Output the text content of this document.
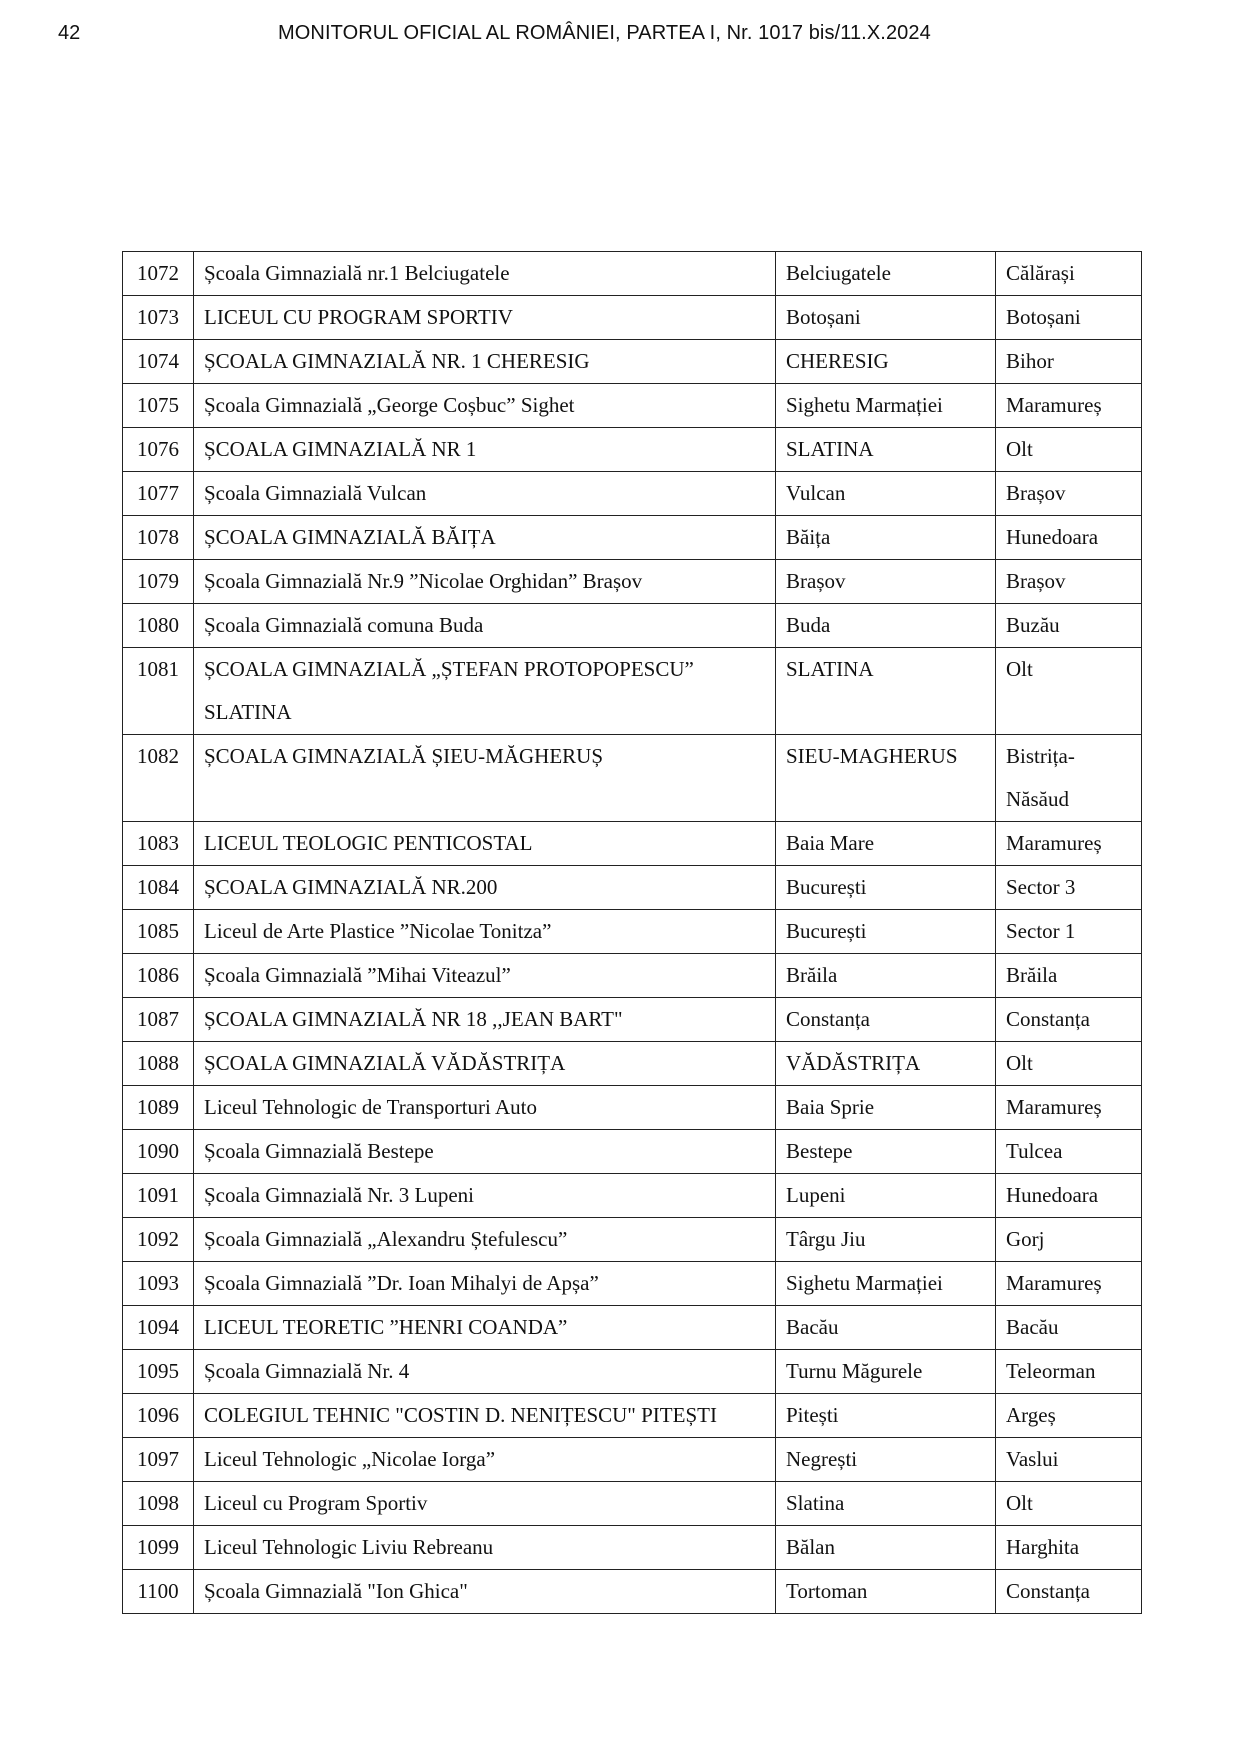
42	MONITORUL OFICIAL AL ROMÂNIEI, PARTEA I, Nr. 1017 bis/11.X.2024
1072	Școala Gimnazială nr.1 Belciugatele	Belciugatele	Călărași
1073	LICEUL CU PROGRAM SPORTIV	Botoșani	Botoșani
1074	ȘCOALA GIMNAZIALĂ NR. 1 CHERESIG	CHERESIG	Bihor
1075	Școala Gimnazială „George Coșbuc” Sighet	Sighetu Marmației	Maramureș
1076	ȘCOALA GIMNAZIALĂ NR 1	SLATINA	Olt
1077	Școala Gimnazială Vulcan	Vulcan	Brașov
1078	ȘCOALA GIMNAZIALĂ BĂIȚA	Băița	Hunedoara
1079	Școala Gimnazială Nr.9 ”Nicolae Orghidan” Brașov	Brașov	Brașov
1080	Școala Gimnazială comuna Buda	Buda	Buzău
1081	ȘCOALA GIMNAZIALĂ „ȘTEFAN PROTOPOPESCU” SLATINA	SLATINA	Olt
1082	ȘCOALA GIMNAZIALĂ ȘIEU-MĂGHERUȘ	SIEU-MAGHERUS	Bistrița-Năsăud
1083	LICEUL TEOLOGIC PENTICOSTAL	Baia Mare	Maramureș
1084	ȘCOALA GIMNAZIALĂ NR.200	București	Sector 3
1085	Liceul de Arte Plastice ”Nicolae Tonitza”	București	Sector 1
1086	Școala Gimnazială ”Mihai Viteazul”	Brăila	Brăila
1087	ȘCOALA GIMNAZIALĂ NR 18 ,,JEAN BART"	Constanța	Constanța
1088	ȘCOALA GIMNAZIALĂ VĂDĂSTRIȚA	VĂDĂSTRIȚA	Olt
1089	Liceul Tehnologic de Transporturi Auto	Baia Sprie	Maramureș
1090	Școala Gimnazială Bestepe	Bestepe	Tulcea
1091	Școala Gimnazială Nr. 3 Lupeni	Lupeni	Hunedoara
1092	Școala Gimnazială „Alexandru Ștefulescu”	Târgu Jiu	Gorj
1093	Școala Gimnazială ”Dr. Ioan Mihalyi de Apșa”	Sighetu Marmației	Maramureș
1094	LICEUL TEORETIC ”HENRI COANDA”	Bacău	Bacău
1095	Școala Gimnazială Nr. 4	Turnu Măgurele	Teleorman
1096	COLEGIUL TEHNIC "COSTIN D. NENIȚESCU" PITEȘTI	Pitești	Argeș
1097	Liceul Tehnologic „Nicolae Iorga”	Negrești	Vaslui
1098	Liceul cu Program Sportiv	Slatina	Olt
1099	Liceul Tehnologic Liviu Rebreanu	Bălan	Harghita
1100	Școala Gimnazială "Ion Ghica"	Tortoman	Constanța
